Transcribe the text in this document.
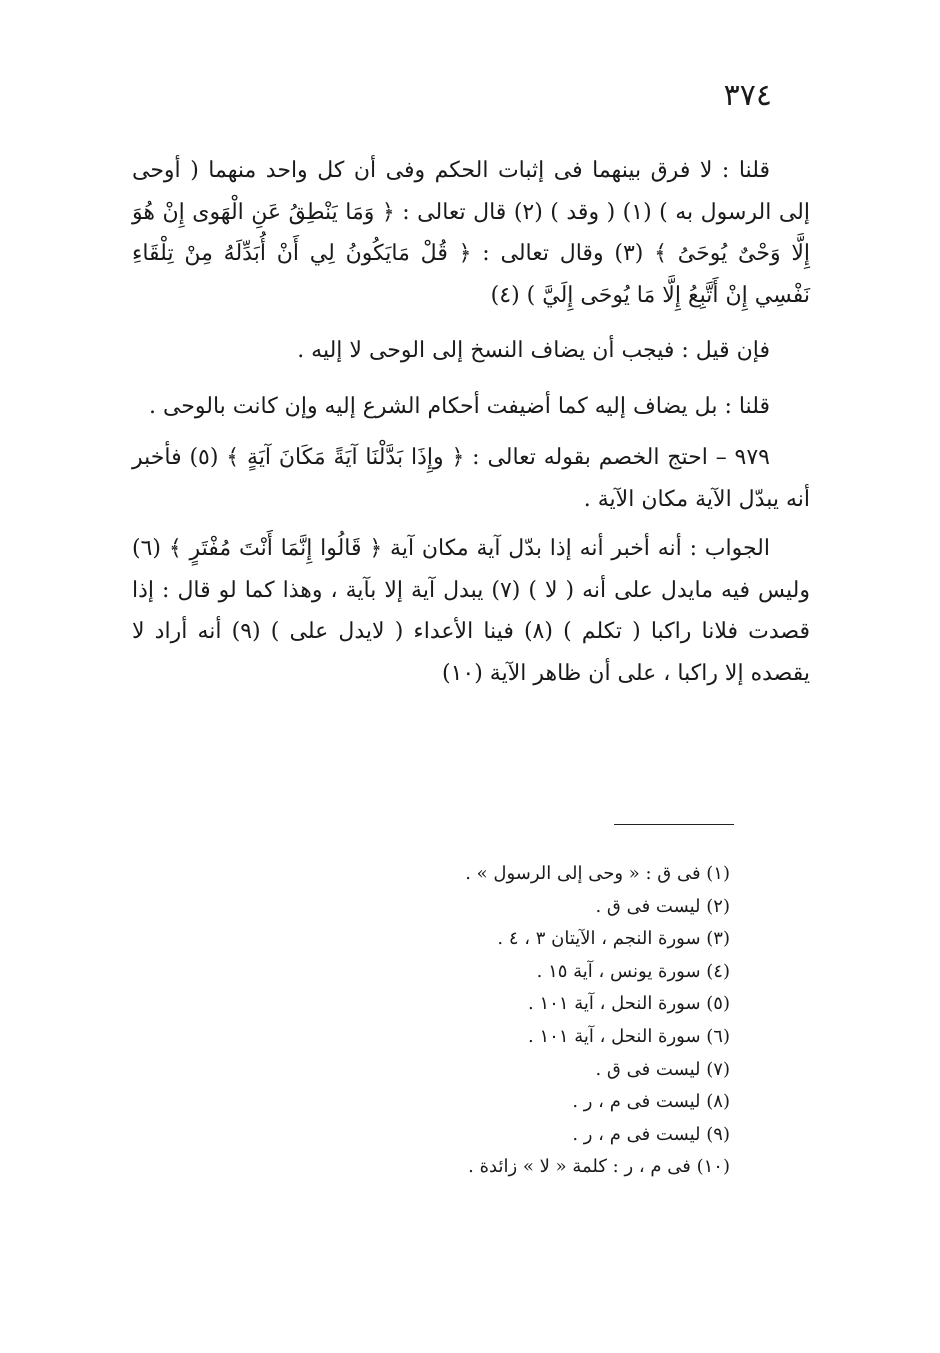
٣٧٤

قلنا : لا فرق بينهما فى إثبات الحكم وفى أن كل واحد منهما ( أوحى إلى الرسول به ) (١) ( وقد ) (٢) قال تعالى : ﴿ وَمَا يَنْطِقُ عَنِ الْهَوى إِنْ هُوَ إِلَّا وَحْىٌ يُوحَىُ ﴾ (٣) وقال تعالى : ﴿ قُلْ مَايَكُونُ لِي أَنْ أُبَدِّلَهُ مِنْ تِلْقَاءِ نَفْسِي إِنْ أَتَّبِعُ إِلَّا مَا يُوحَى إِلَيَّ ) (٤)

فإن قيل : فيجب أن يضاف النسخ إلى الوحى لا إليه .

قلنا : بل يضاف إليه كما أضيفت أحكام الشرع إليه وإن كانت بالوحى .

٩٧٩ – احتج الخصم بقوله تعالى : ﴿ وإِذَا بَدَّلْنَا آيَةً مَكَانَ آيَةٍ ﴾ (٥) فأخبر أنه يبدّل الآية مكان الآية .

الجواب : أنه أخبر أنه إذا بدّل آية مكان آية ﴿ قَالُوا إِنَّمَا أَنْتَ مُفْتَرٍ ﴾ (٦) وليس فيه مايدل على أنه ( لا ) (٧) يبدل آية إلا بآية ، وهذا كما لو قال : إذا قصدت فلانا راكبا ( تكلم ) (٨) فينا الأعداء ( لايدل على ) (٩) أنه أراد لا يقصده إلا راكبا ، على أن ظاهر الآية (١٠)

(١) فى ق : « وحى إلى الرسول » .
(٢) ليست فى ق .
(٣) سورة النجم ، الآيتان ٣ ، ٤ .
(٤) سورة يونس ، آية ١٥ .
(٥) سورة النحل ، آية ١٠١ .
(٦) سورة النحل ، آية ١٠١ .
(٧) ليست فى ق .
(٨) ليست فى م ، ر .
(٩) ليست فى م ، ر .
(١٠) فى م ، ر : كلمة « لا » زائدة .
